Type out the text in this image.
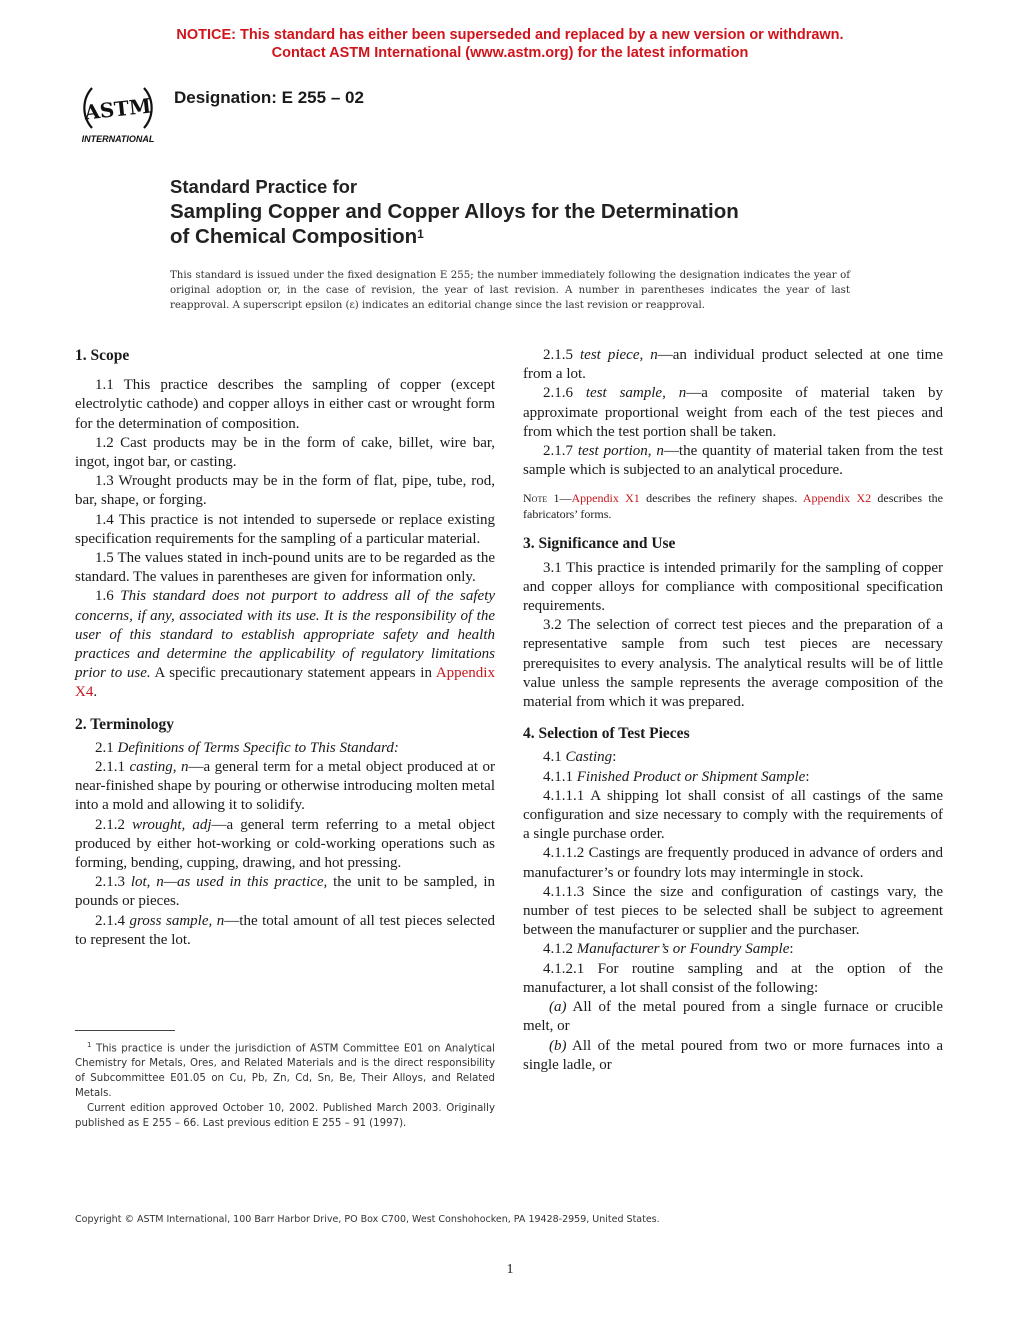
NOTICE: This standard has either been superseded and replaced by a new version or withdrawn.
Contact ASTM International (www.astm.org) for the latest information
ASTM
INTERNATIONAL
Designation: E 255 – 02
Standard Practice for
Sampling Copper and Copper Alloys for the Determination
of Chemical Composition$^1$
This standard is issued under the fixed designation E 255; the number immediately following the designation indicates the year of original adoption or, in the case of revision, the year of last revision. A number in parentheses indicates the year of last reapproval. A superscript epsilon (ε) indicates an editorial change since the last revision or reapproval.
1. Scope

1.1 This practice describes the sampling of copper (except electrolytic cathode) and copper alloys in either cast or wrought form for the determination of composition.

1.2 Cast products may be in the form of cake, billet, wire bar, ingot, ingot bar, or casting.

1.3 Wrought products may be in the form of flat, pipe, tube, rod, bar, shape, or forging.

1.4 This practice is not intended to supersede or replace existing specification requirements for the sampling of a particular material.

1.5 The values stated in inch-pound units are to be regarded as the standard. The values in parentheses are given for information only.

1.6 This standard does not purport to address all of the safety concerns, if any, associated with its use. It is the responsibility of the user of this standard to establish appropriate safety and health practices and determine the applicability of regulatory limitations prior to use. A specific precautionary statement appears in Appendix X4.

2. Terminology

2.1 Definitions of Terms Specific to This Standard:

2.1.1 casting, n—a general term for a metal object produced at or near-finished shape by pouring or otherwise introducing molten metal into a mold and allowing it to solidify.

2.1.2 wrought, adj—a general term referring to a metal object produced by either hot-working or cold-working operations such as forming, bending, cupping, drawing, and hot pressing.

2.1.3 lot, n—as used in this practice, the unit to be sampled, in pounds or pieces.

2.1.4 gross sample, n—the total amount of all test pieces selected to represent the lot.

2.1.5 test piece, n—an individual product selected at one time from a lot.

2.1.6 test sample, n—a composite of material taken by approximate proportional weight from each of the test pieces and from which the test portion shall be taken.

2.1.7 test portion, n—the quantity of material taken from the test sample which is subjected to an analytical procedure.

Note 1—Appendix X1 describes the refinery shapes. Appendix X2 describes the fabricators’ forms.

3. Significance and Use

3.1 This practice is intended primarily for the sampling of copper and copper alloys for compliance with compositional specification requirements.

3.2 The selection of correct test pieces and the preparation of a representative sample from such test pieces are necessary prerequisites to every analysis. The analytical results will be of little value unless the sample represents the average composition of the material from which it was prepared.

4. Selection of Test Pieces

4.1 Casting:

4.1.1 Finished Product or Shipment Sample:

4.1.1.1 A shipping lot shall consist of all castings of the same configuration and size necessary to comply with the requirements of a single purchase order.

4.1.1.2 Castings are frequently produced in advance of orders and manufacturer’s or foundry lots may intermingle in stock.

4.1.1.3 Since the size and configuration of castings vary, the number of test pieces to be selected shall be subject to agreement between the manufacturer or supplier and the purchaser.

4.1.2 Manufacturer’s or Foundry Sample:

4.1.2.1 For routine sampling and at the option of the manufacturer, a lot shall consist of the following:

(a) All of the metal poured from a single furnace or crucible melt, or

(b) All of the metal poured from two or more furnaces into a single ladle, or

$^1$ This practice is under the jurisdiction of ASTM Committee E01 on Analytical Chemistry for Metals, Ores, and Related Materials and is the direct responsibility of Subcommittee E01.05 on Cu, Pb, Zn, Cd, Sn, Be, Their Alloys, and Related Metals.

Current edition approved October 10, 2002. Published March 2003. Originally published as E 255 – 66. Last previous edition E 255 – 91 (1997).

Copyright © ASTM International, 100 Barr Harbor Drive, PO Box C700, West Conshohocken, PA 19428-2959, United States.
1
